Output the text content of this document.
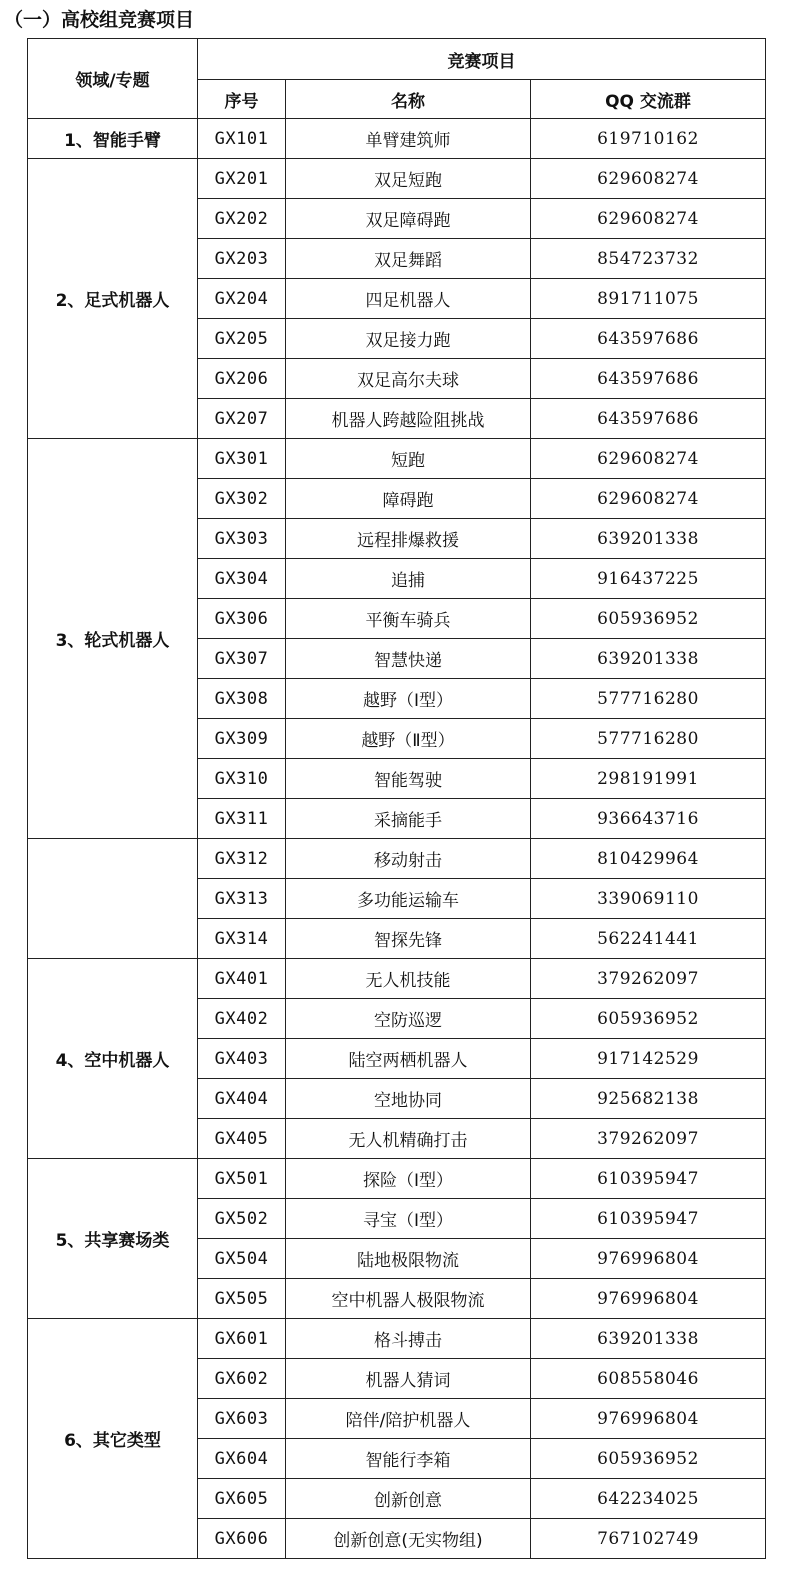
（一）高校组竞赛项目
领域/专题	竞赛项目		
	序号	名称	QQ 交流群
1、智能手臂	GX101	单臂建筑师	619710162
2、足式机器人	GX201	双足短跑	629608274
	GX202	双足障碍跑	629608274
	GX203	双足舞蹈	854723732
	GX204	四足机器人	891711075
	GX205	双足接力跑	643597686
	GX206	双足高尔夫球	643597686
	GX207	机器人跨越险阻挑战	643597686
3、轮式机器人	GX301	短跑	629608274
	GX302	障碍跑	629608274
	GX303	远程排爆救援	639201338
	GX304	追捕	916437225
	GX306	平衡车骑兵	605936952
	GX307	智慧快递	639201338
	GX308	越野（Ⅰ型）	577716280
	GX309	越野（Ⅱ型）	577716280
	GX310	智能驾驶	298191991
	GX311	采摘能手	936643716
	GX312	移动射击	810429964
	GX313	多功能运输车	339069110
	GX314	智探先锋	562241441
4、空中机器人	GX401	无人机技能	379262097
	GX402	空防巡逻	605936952
	GX403	陆空两栖机器人	917142529
	GX404	空地协同	925682138
	GX405	无人机精确打击	379262097
5、共享赛场类	GX501	探险（Ⅰ型）	610395947
	GX502	寻宝（Ⅰ型）	610395947
	GX504	陆地极限物流	976996804
	GX505	空中机器人极限物流	976996804
6、其它类型	GX601	格斗搏击	639201338
	GX602	机器人猜词	608558046
	GX603	陪伴/陪护机器人	976996804
	GX604	智能行李箱	605936952
	GX605	创新创意	642234025
	GX606	创新创意(无实物组)	767102749
